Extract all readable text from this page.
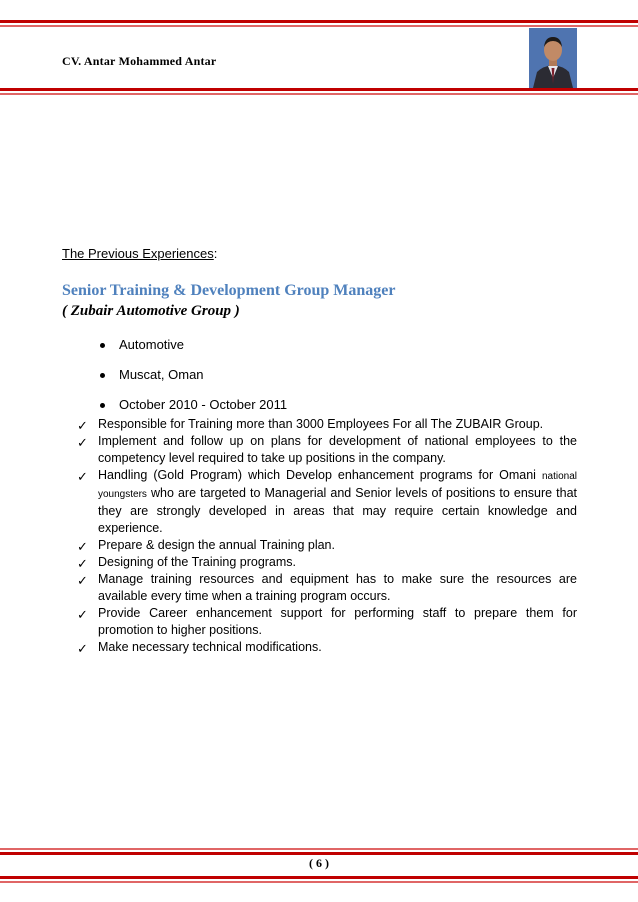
CV. Antar Mohammed Antar
The Previous Experiences:
Senior Training & Development Group Manager
( Zubair Automotive Group )
Automotive
Muscat, Oman
October 2010 - October 2011
✓ Responsible for Training more than 3000 Employees For all The ZUBAIR Group.
✓ Implement and follow up on plans for development of national employees to the competency level required to take up positions in the company.
✓ Handling (Gold Program) which Develop enhancement programs for Omani national youngsters who are targeted to Managerial and Senior levels of positions to ensure that they are strongly developed in areas that may require certain knowledge and experience.
✓ Prepare & design the annual Training plan.
✓ Designing of the Training programs.
✓ Manage training resources and equipment has to make sure the resources are available every time when a training program occurs.
✓ Provide Career enhancement support for performing staff to prepare them for promotion to higher positions.
✓ Make necessary technical modifications.
( 6 )
